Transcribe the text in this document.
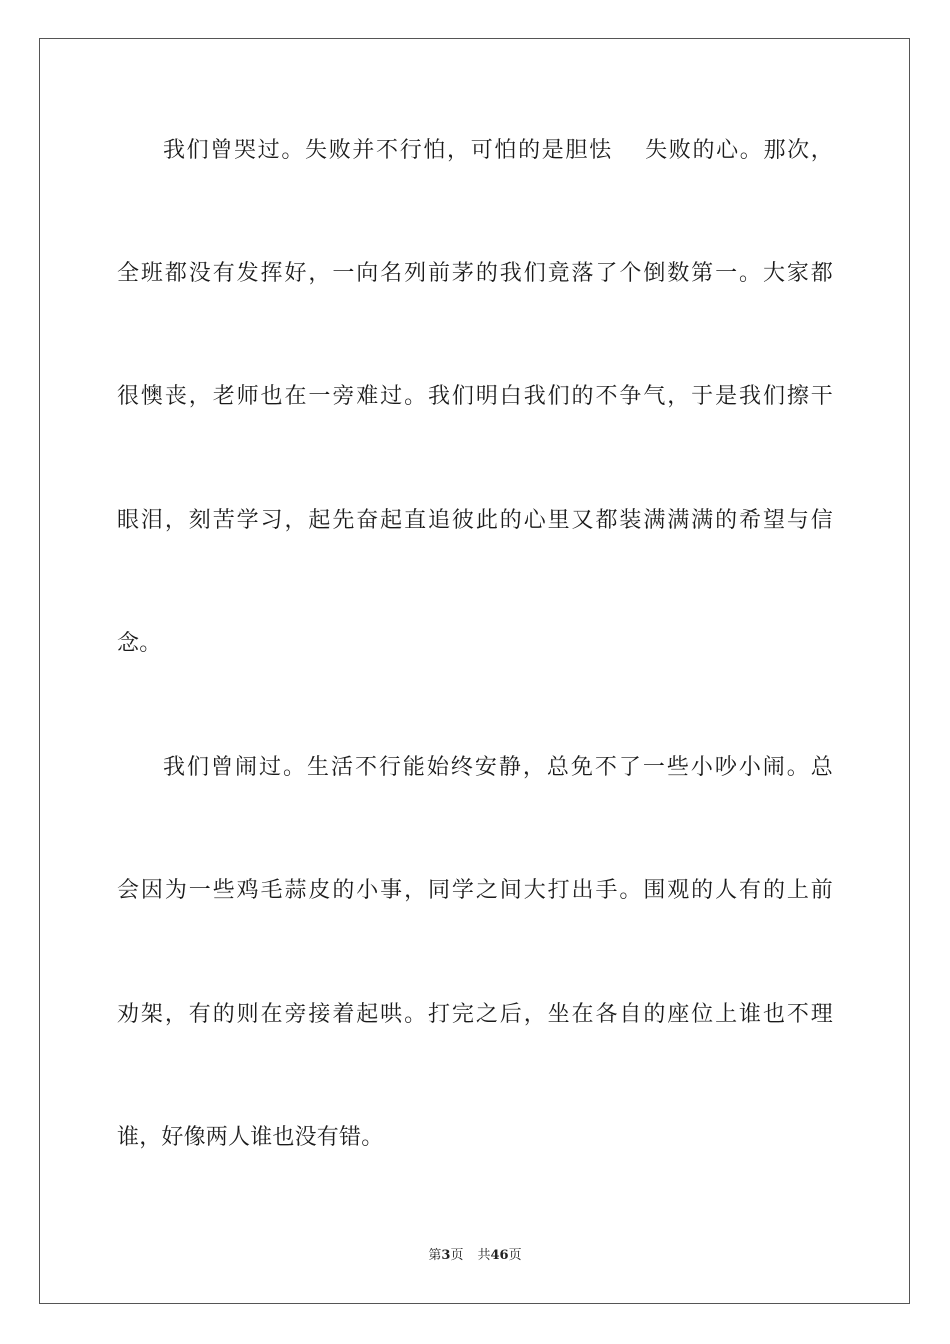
我们曾哭过。失败并不行怕，可怕的是胆怯　 失败的心。那次，
全班都没有发挥好，一向名列前茅的我们竟落了个倒数第一。大家都
很懊丧，老师也在一旁难过。我们明白我们的不争气，于是我们擦干
眼泪，刻苦学习，起先奋起直追彼此的心里又都装满满满的希望与信
念。
我们曾闹过。生活不行能始终安静，总免不了一些小吵小闹。总
会因为一些鸡毛蒜皮的小事，同学之间大打出手。围观的人有的上前
劝架，有的则在旁接着起哄。打完之后，坐在各自的座位上谁也不理
谁，好像两人谁也没有错。
第3页 共46页
